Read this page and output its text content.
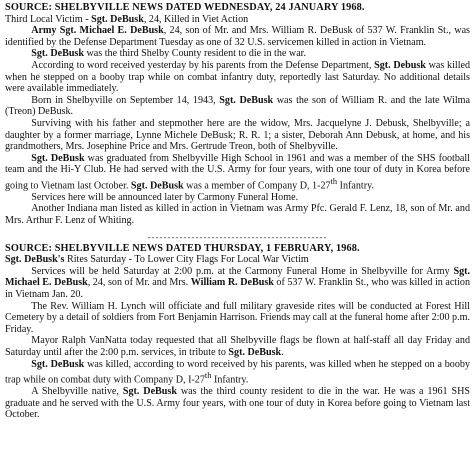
SOURCE: SHELBYVILLE NEWS DATED WEDNESDAY, 24 JANUARY 1968.
Third Local Victim - Sgt. DeBusk, 24, Killed in Viet Action

Army Sgt. Michael E. DeBusk, 24, son of Mr. and Mrs. William R. DeBusk of 537 W. Franklin St., was identified by the Defense Department Tuesday as one of 32 U.S. servicemen killed in action in Vietnam.

Sgt. DeBusk was the third Shelby County resident to die in the war.

According to word received yesterday by his parents from the Defense Department, Sgt. Debusk was killed when he stepped on a booby trap while on combat infantry duty, reportedly last Saturday. No additional details were available immediately.

Born in Shelbyville on September 14, 1943, Sgt. DeBusk was the son of William R. and the late Wilma (Treon) DeBusk.

Surviving with his father and stepmother here are the widow, Mrs. Jacquelyne J. Debusk, Shelbyville; a daughter by a former marriage, Lynne Michele DeBusk; R. R. 1; a sister, Deborah Ann Debusk, at home, and his grandmothers, Mrs. Josephine Price and Mrs. Gertrude Treon, both of Shelbyville.

Sgt. DeBusk was graduated from Shelbyville High School in 1961 and was a member of the SHS football team and the Hi-Y Club. He had served with the U.S. Army for four years, with one tour of duty in Korea before going to Vietnam last October. Sgt. DeBusk was a member of Company D, 1-27th Infantry.

Services here will be announced later by Carmony Funeral Home.

Another Indiana man listed as killed in action in Vietnam was Army Pfc. Gerald F. Lenz, 18, son of Mr. and Mrs. Arthur F. Lenz of Whiting.

---------------------------------------------
SOURCE: SHELBYVILLE NEWS DATED THURSDAY, 1 FEBRUARY, 1968.
Sgt. DeBusk's Rites Saturday - To Lower City Flags For Local War Victim

Services will be held Saturday at 2:00 p.m. at the Carmony Funeral Home in Shelbyville for Army Sgt. Michael E. DeBusk, 24, son of Mr. and Mrs. William R. DeBusk of 537 W. Franklin St., who was killed in action in Vietnam Jan. 20.

The Rev. William H. Lynch will officiate and full military graveside rites will be conducted at Forest Hill Cemetery by a detail of soldiers from Fort Benjamin Harrison. Friends may call at the funeral home after 2:00 p.m. Friday.

Mayor Ralph VanNatta today requested that all Shelbyville flags be flown at half-staff all day Friday and Saturday until after the 2:00 p.m. services, in tribute to Sgt. DeBusk.

Sgt. DeBusk was killed, according to word received by his parents, was killed when he stepped on a booby trap while on combat duty with Company D, I-27th Infantry.

A Shelbyville native, Sgt. DeBusk was the third county resident to die in the war. He was a 1961 SHS graduate and he served with the U.S. Army four years, with one tour of duty in Korea before going to Vietnam last October.
